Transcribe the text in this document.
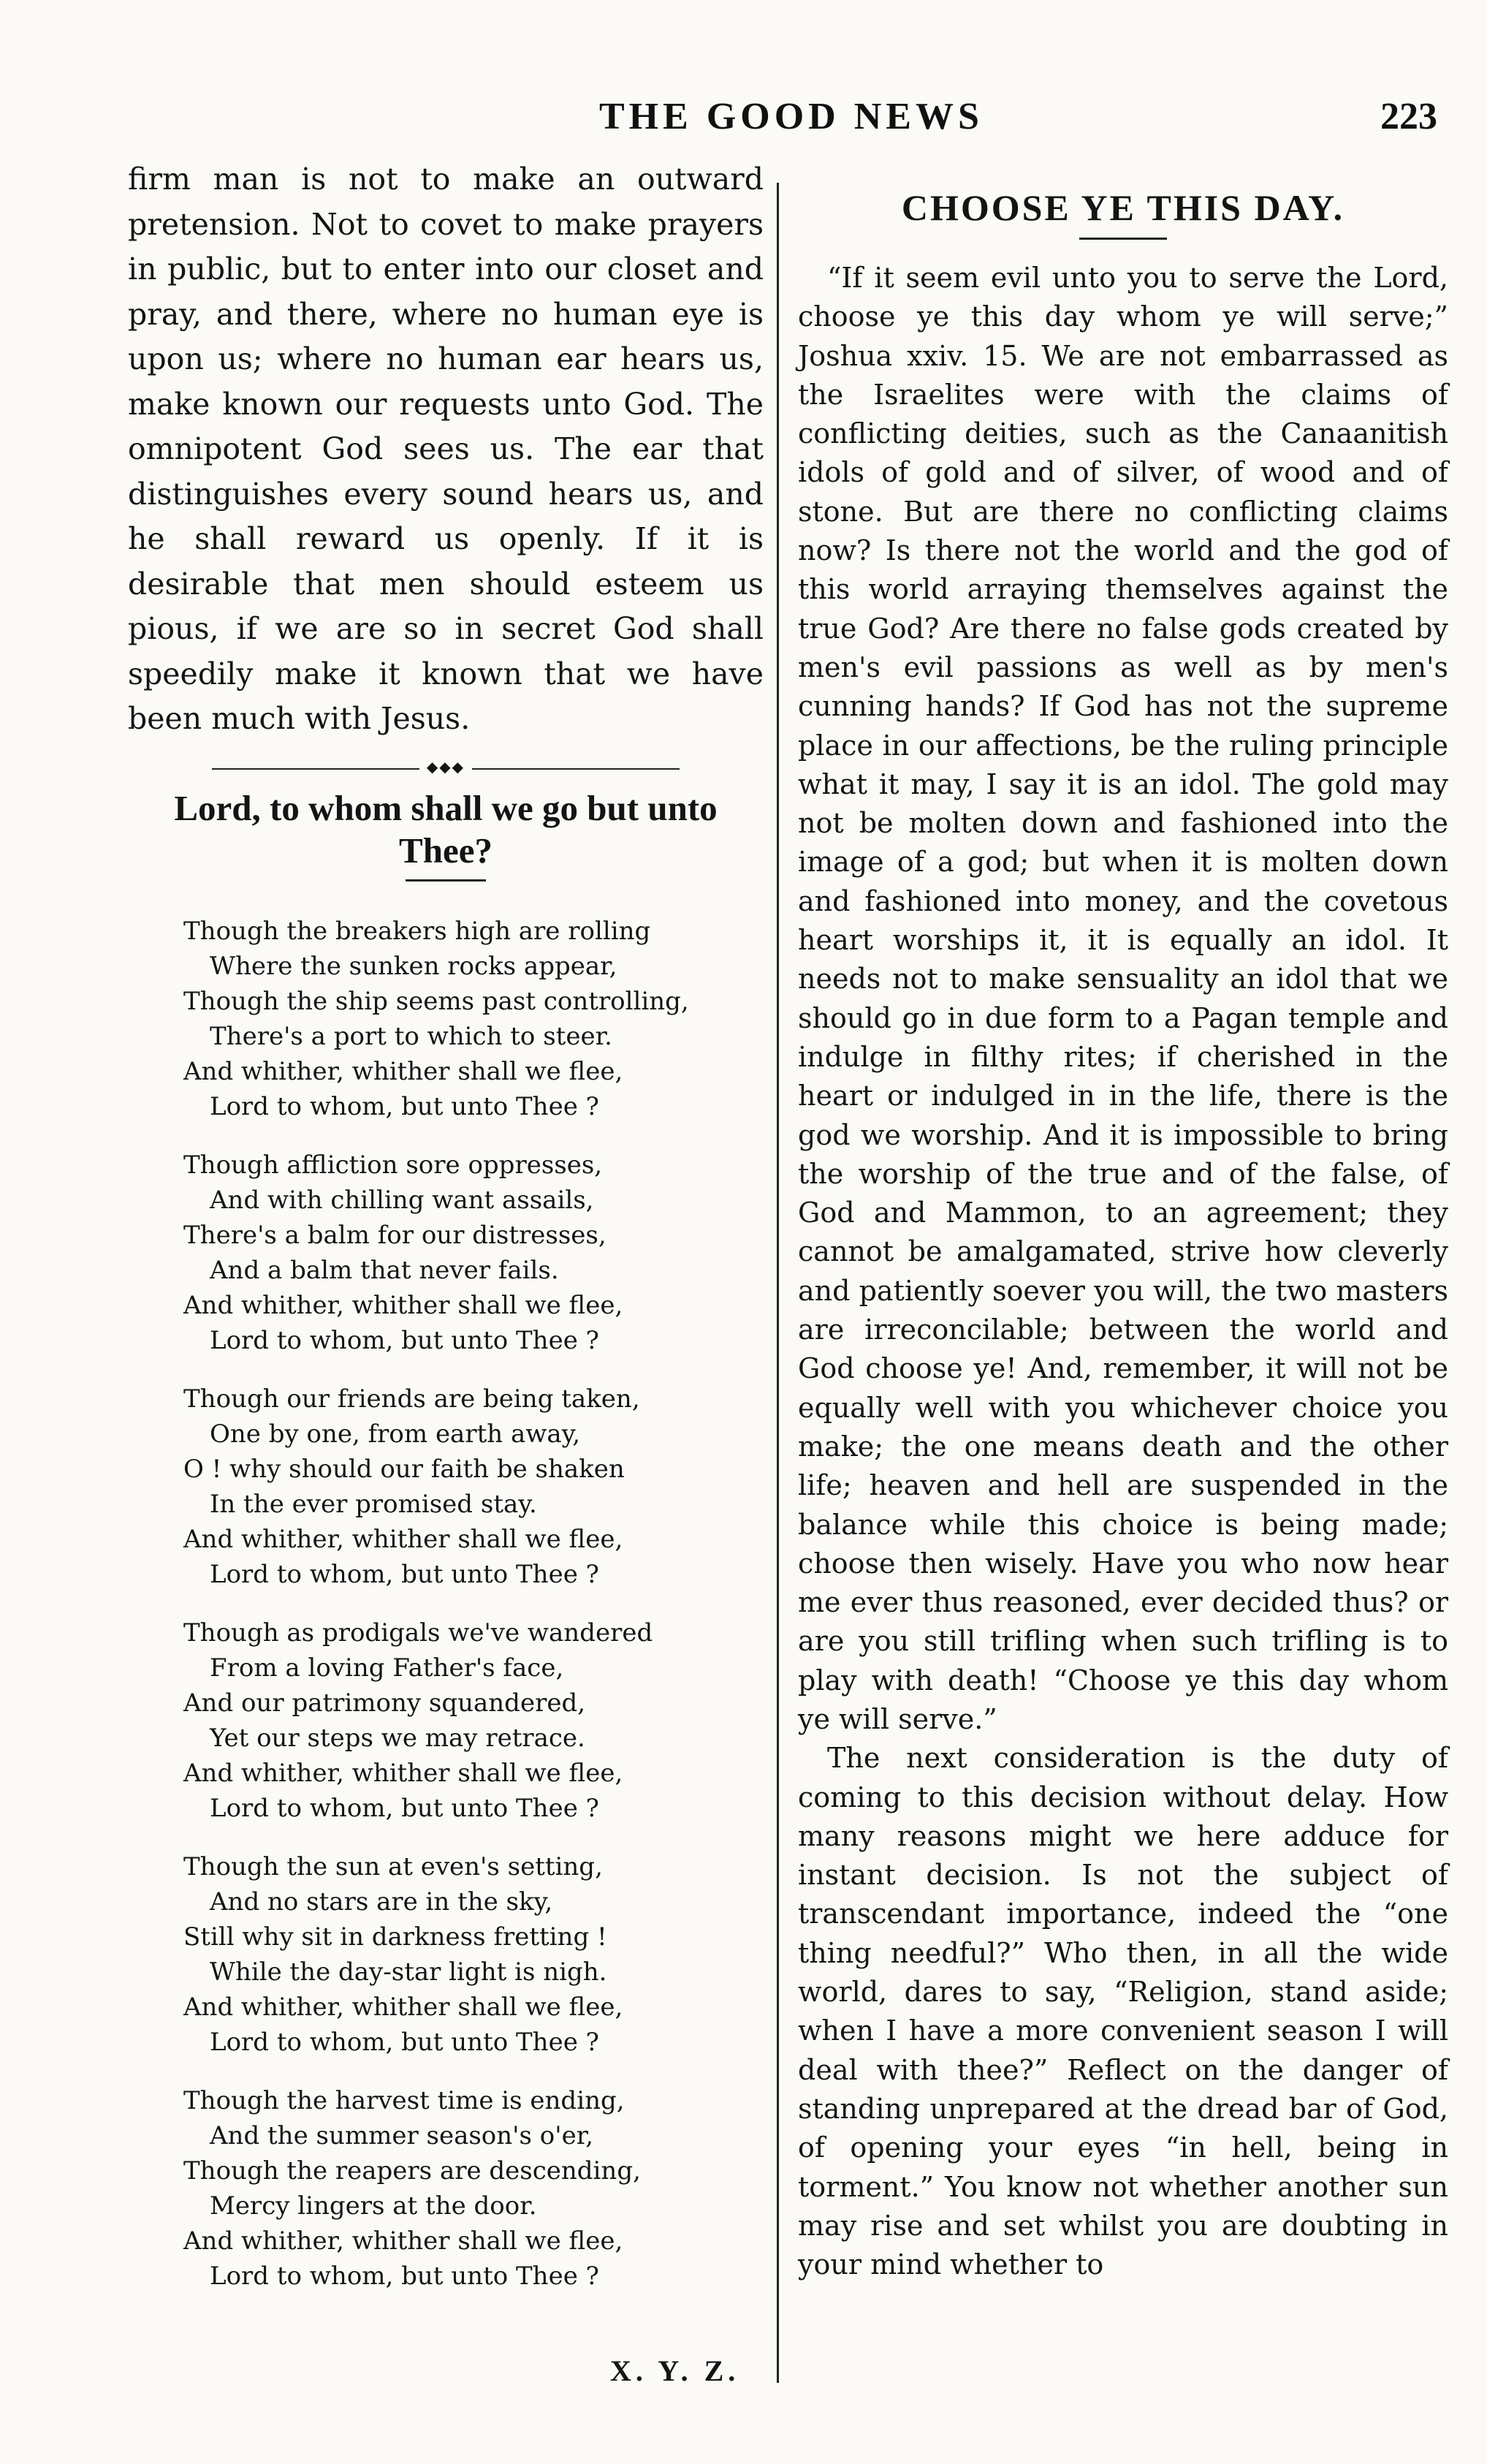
THE GOOD NEWS	223

firm man is not to make an outward pretension. Not to covet to make prayers in public, but to enter into our closet and pray, and there, where no human eye is upon us; where no human ear hears us, make known our requests unto God. The omnipotent God sees us. The ear that distinguishes every sound hears us, and he shall reward us openly. If it is desirable that men should esteem us pious, if we are so in secret God shall speedily make it known that we have been much with Jesus.

◆◆◆
Lord, to whom shall we go but unto Thee?
Though the breakers high are rolling
Where the sunken rocks appear,
Though the ship seems past controlling,
There's a port to which to steer.
And whither, whither shall we flee,
Lord to whom, but unto Thee ?
Though affliction sore oppresses,
And with chilling want assails,
There's a balm for our distresses,
And a balm that never fails.
And whither, whither shall we flee,
Lord to whom, but unto Thee ?
Though our friends are being taken,
One by one, from earth away,
O ! why should our faith be shaken
In the ever promised stay.
And whither, whither shall we flee,
Lord to whom, but unto Thee ?
Though as prodigals we've wandered
From a loving Father's face,
And our patrimony squandered,
Yet our steps we may retrace.
And whither, whither shall we flee,
Lord to whom, but unto Thee ?
Though the sun at even's setting,
And no stars are in the sky,
Still why sit in darkness fretting !
While the day-star light is nigh.
And whither, whither shall we flee,
Lord to whom, but unto Thee ?
Though the harvest time is ending,
And the summer season's o'er,
Though the reapers are descending,
Mercy lingers at the door.
And whither, whither shall we flee,
Lord to whom, but unto Thee ?
X. Y. Z.
CHOOSE YE THIS DAY.

“If it seem evil unto you to serve the Lord, choose ye this day whom ye will serve;” Joshua xxiv. 15. We are not embarrassed as the Israelites were with the claims of conflicting deities, such as the Canaanitish idols of gold and of silver, of wood and of stone. But are there no conflicting claims now? Is there not the world and the god of this world arraying themselves against the true God? Are there no false gods created by men's evil passions as well as by men's cunning hands? If God has not the supreme place in our affections, be the ruling principle what it may, I say it is an idol. The gold may not be molten down and fashioned into the image of a god; but when it is molten down and fashioned into money, and the covetous heart worships it, it is equally an idol. It needs not to make sensuality an idol that we should go in due form to a Pagan temple and indulge in filthy rites; if cherished in the heart or indulged in in the life, there is the god we worship. And it is impossible to bring the worship of the true and of the false, of God and Mammon, to an agreement; they cannot be amalgamated, strive how cleverly and patiently soever you will, the two masters are irreconcilable; between the world and God choose ye! And, remember, it will not be equally well with you whichever choice you make; the one means death and the other life; heaven and hell are suspended in the balance while this choice is being made; choose then wisely. Have you who now hear me ever thus reasoned, ever decided thus? or are you still trifling when such trifling is to play with death! “Choose ye this day whom ye will serve.”

The next consideration is the duty of coming to this decision without delay. How many reasons might we here adduce for instant decision. Is not the subject of transcendant importance, indeed the “one thing needful?” Who then, in all the wide world, dares to say, “Religion, stand aside; when I have a more convenient season I will deal with thee?” Reflect on the danger of standing unprepared at the dread bar of God, of opening your eyes “in hell, being in torment.” You know not whether another sun may rise and set whilst you are doubting in your mind whether to
